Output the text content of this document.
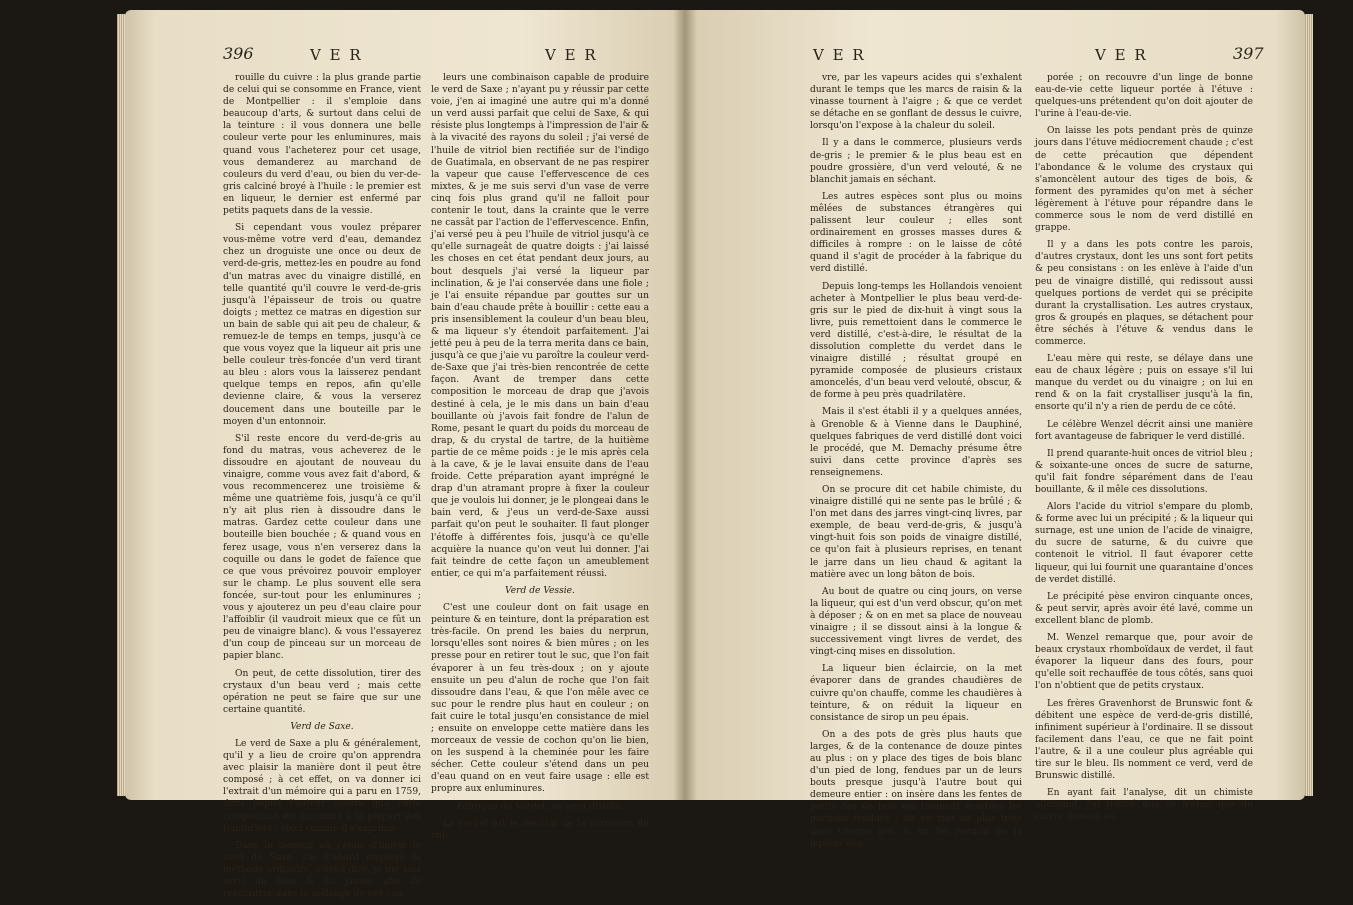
396	V E R	V E R

rouille du cuivre : la plus grande partie de celui qui se consomme en France, vient de Montpellier : il s'emploie dans beaucoup d'arts, & surtout dans celui de la teinture : il vous donnera une belle couleur verte pour les enluminures, mais quand vous l'acheterez pour cet usage, vous demanderez au marchand de couleurs du verd d'eau, ou bien du ver-de-gris calciné broyé à l'huile : le premier est en liqueur, le dernier est enfermé par petits paquets dans de la vessie.

Si cependant vous voulez préparer vous-même votre verd d'eau, demandez chez un droguiste une once ou deux de verd-de-gris, mettez-les en poudre au fond d'un matras avec du vinaigre distillé, en telle quantité qu'il couvre le verd-de-gris jusqu'à l'épaisseur de trois ou quatre doigts ; mettez ce matras en digestion sur un bain de sable qui ait peu de chaleur, & remuez-le de temps en temps, jusqu'à ce que vous voyez que la liqueur ait pris une belle couleur très-foncée d'un verd tirant au bleu : alors vous la laisserez pendant quelque temps en repos, afin qu'elle devienne claire, & vous la verserez doucement dans une bouteille par le moyen d'un entonnoir.

S'il reste encore du verd-de-gris au fond du matras, vous acheverez de le dissoudre en ajoutant de nouveau du vinaigre, comme vous avez fait d'abord, & vous recommencerez une troisième & même une quatrième fois, jusqu'à ce qu'il n'y ait plus rien à dissoudre dans le matras. Gardez cette couleur dans une bouteille bien bouchée ; & quand vous en ferez usage, vous n'en verserez dans la coquille ou dans le godet de faïence que ce que vous prévoirez pouvoir employer sur le champ. Le plus souvent elle sera foncée, sur-tout pour les enluminures ; vous y ajouterez un peu d'eau claire pour l'affoiblir (il vaudroit mieux que ce fût un peu de vinaigre blanc). & vous l'essayerez d'un coup de pinceau sur un morceau de papier blanc.

On peut, de cette dissolution, tirer des crystaux d'un beau verd ; mais cette opération ne peut se faire que sur une certaine quantité.

Verd de Saxe.

Le verd de Saxe a plu & généralement, qu'il y a lieu de croire qu'on apprendra avec plaisir la manière dont il peut être composé ; à cet effet, on va donner ici l'extrait d'un mémoire qui a paru en 1759, dans lequel l'auteur assure que cette composition est inconnue à la plupart des teinturiers : voici comme il s'exprime :

Dans le dessein où j'étois d'imiter le verd de Saxe, j'ai d'abord employé la méthode ordinaire, c'est-à-dire, je me suis servi du bleu & du jaune, afin de rencontrer dans le mélange de ces cou-

leurs une combinaison capable de produire le verd de Saxe ; n'ayant pu y réussir par cette voie, j'en ai imaginé une autre qui m'a donné un verd aussi parfait que celui de Saxe, & qui résiste plus longtemps à l'impression de l'air & à la vivacité des rayons du soleil ; j'ai versé de l'huile de vitriol bien rectifiée sur de l'indigo de Guatimala, en observant de ne pas respirer la vapeur que cause l'effervescence de ces mixtes, & je me suis servi d'un vase de verre cinq fois plus grand qu'il ne falloit pour contenir le tout, dans la crainte que le verre ne cassât par l'action de l'effervescence. Enfin, j'ai versé peu à peu l'huile de vitriol jusqu'à ce qu'elle surnageât de quatre doigts : j'ai laissé les choses en cet état pendant deux jours, au bout desquels j'ai versé la liqueur par inclination, & je l'ai conservée dans une fiole ; je l'ai ensuite répandue par gouttes sur un bain d'eau chaude prête à bouillir : cette eau a pris insensiblement la couleur d'un beau bleu, & ma liqueur s'y étendoit parfaitement. J'ai jetté peu à peu de la terra merita dans ce bain, jusqu'à ce que j'aie vu paroître la couleur verd-de-Saxe que j'ai très-bien rencontrée de cette façon. Avant de tremper dans cette composition le morceau de drap que j'avois destiné à cela, je le mis dans un bain d'eau bouillante où j'avois fait fondre de l'alun de Rome, pesant le quart du poids du morceau de drap, & du crystal de tartre, de la huitième partie de ce même poids : je le mis après cela à la cave, & je le lavai ensuite dans de l'eau froide. Cette préparation ayant imprégné le drap d'un atramant propre à fixer la couleur que je voulois lui donner, je le plongeai dans le bain verd, & j'eus un verd-de-Saxe aussi parfait qu'on peut le souhaiter. Il faut plonger l'étoffe à différentes fois, jusqu'à ce qu'elle acquière la nuance qu'on veut lui donner. J'ai fait teindre de cette façon un ameublement entier, ce qui m'a parfaitement réussi.

Verd de Vessie.

C'est une couleur dont on fait usage en peinture & en teinture, dont la préparation est très-facile. On prend les baies du nerprun, lorsqu'elles sont noires & bien mûres ; on les presse pour en retirer tout le suc, que l'on fait évaporer à un feu très-doux ; on y ajoute ensuite un peu d'alun de roche que l'on fait dissoudre dans l'eau, & que l'on mêle avec ce suc pour le rendre plus haut en couleur ; on fait cuire le total jusqu'en consistance de miel ; ensuite on enveloppe cette matière dans les morceaux de vessie de cochon qu'on lie bien, on les suspend à la cheminée pour les faire sécher. Cette couleur s'étend dans un peu d'eau quand on en veut faire usage : elle est propre aux enluminures.

Fabrique du Verdet, ou verd distillé.

Le verdet est le résultat de la corrosion du cui-

V E R	V E R	397

vre, par les vapeurs acides qui s'exhalent durant le temps que les marcs de raisin & la vinasse tournent à l'aigre ; & que ce verdet se détache en se gonflant de dessus le cuivre, lorsqu'on l'expose à la chaleur du soleil.

Il y a dans le commerce, plusieurs verds de-gris ; le premier & le plus beau est en poudre grossière, d'un verd velouté, & ne blanchit jamais en séchant.

Les autres espèces sont plus ou moins mêlées de substances étrangères qui palissent leur couleur ; elles sont ordinairement en grosses masses dures & difficiles à rompre : on le laisse de côté quand il s'agit de procéder à la fabrique du verd distillé.

Depuis long-temps les Hollandois venoient acheter à Montpellier le plus beau verd-de-gris sur le pied de dix-huit à vingt sous la livre, puis remettoient dans le commerce le verd distillé, c'est-à-dire, le résultat de la dissolution complette du verdet dans le vinaigre distillé ; résultat groupé en pyramide composée de plusieurs cristaux amoncelés, d'un beau verd velouté, obscur, & de forme à peu près quadrilatère.

Mais il s'est établi il y a quelques années, à Grenoble & à Vienne dans le Dauphiné, quelques fabriques de verd distillé dont voici le procédé, que M. Demachy présume être suivi dans cette province d'après ses renseignemens.

On se procure dit cet habile chimiste, du vinaigre distillé qui ne sente pas le brûlé ; & l'on met dans des jarres vingt-cinq livres, par exemple, de beau verd-de-gris, & jusqu'à vingt-huit fois son poids de vinaigre distillé, ce qu'on fait à plusieurs reprises, en tenant le jarre dans un lieu chaud & agitant la matière avec un long bâton de bois.

Au bout de quatre ou cinq jours, on verse la liqueur, qui est d'un verd obscur, qu'on met à déposer ; & on en met sa place de nouveau vinaigre ; il se dissout ainsi à la longue & successivement vingt livres de verdet, des vingt-cinq mises en dissolution.

La liqueur bien éclaircie, on la met évaporer dans de grandes chaudières de cuivre qu'on chauffe, comme les chaudières à teinture, & on réduit la liqueur en consistance de sirop un peu épais.

On a des pots de grès plus hauts que larges, & de la contenance de douze pintes au plus : on y place des tiges de bois blanc d'un pied de long, fendues par un de leurs bouts presque jusqu'à l'autre bout qui demeure entier : on insère dans les fentes de petits dés de bois qui tiennent écartées les portions fendues ; on en met au plus trois dans chaque pot, & on les remplit de la liqueur éva-

porée ; on recouvre d'un linge de bonne eau-de-vie cette liqueur portée à l'étuve : quelques-uns prétendent qu'on doit ajouter de l'urine à l'eau-de-vie.

On laisse les pots pendant près de quinze jours dans l'étuve médiocrement chaude ; c'est de cette précaution que dépendent l'abondance & le volume des crystaux qui s'amoncèlent autour des tiges de bois, & forment des pyramides qu'on met à sécher légèrement à l'étuve pour répandre dans le commerce sous le nom de verd distillé en grappe.

Il y a dans les pots contre les parois, d'autres crystaux, dont les uns sont fort petits & peu consistans : on les enlève à l'aide d'un peu de vinaigre distillé, qui redissout aussi quelques portions de verdet qui se précipite durant la crystallisation. Les autres crystaux, gros & groupés en plaques, se détachent pour être séchés à l'étuve & vendus dans le commerce.

L'eau mère qui reste, se délaye dans une eau de chaux légère ; puis on essaye s'il lui manque du verdet ou du vinaigre ; on lui en rend & on la fait crystalliser jusqu'à la fin, ensorte qu'il n'y a rien de perdu de ce côté.

Le célèbre Wenzel décrit ainsi une manière fort avantageuse de fabriquer le verd distillé.

Il prend quarante-huit onces de vitriol bleu ; & soixante-une onces de sucre de saturne, qu'il fait fondre séparément dans de l'eau bouillante, & il mêle ces dissolutions.

Alors l'acide du vitriol s'empare du plomb, & forme avec lui un précipité ; & la liqueur qui surnage, est une union de l'acide de vinaigre, du sucre de saturne, & du cuivre que contenoit le vitriol. Il faut évaporer cette liqueur, qui lui fournit une quarantaine d'onces de verdet distillé.

Le précipité pèse environ cinquante onces, & peut servir, après avoir été lavé, comme un excellent blanc de plomb.

M. Wenzel remarque que, pour avoir de beaux crystaux rhomboïdaux de verdet, il faut évaporer la liqueur dans des fours, pour qu'elle soit rechauffée de tous côtés, sans quoi l'on n'obtient que de petits crystaux.

Les frères Gravenhorst de Brunswic font & débitent une espèce de verd-de-gris distillé, infiniment supérieur à l'ordinaire. Il se dissout facilement dans l'eau, ce que ne fait point l'autre, & il a une couleur plus agréable qui tire sur le bleu. Ils nomment ce verd, verd de Brunswic distillé.

En ayant fait l'analyse, dit un chimiste allemand, j'ai trouvé que ce n'étoit que du cuivre dissous au
